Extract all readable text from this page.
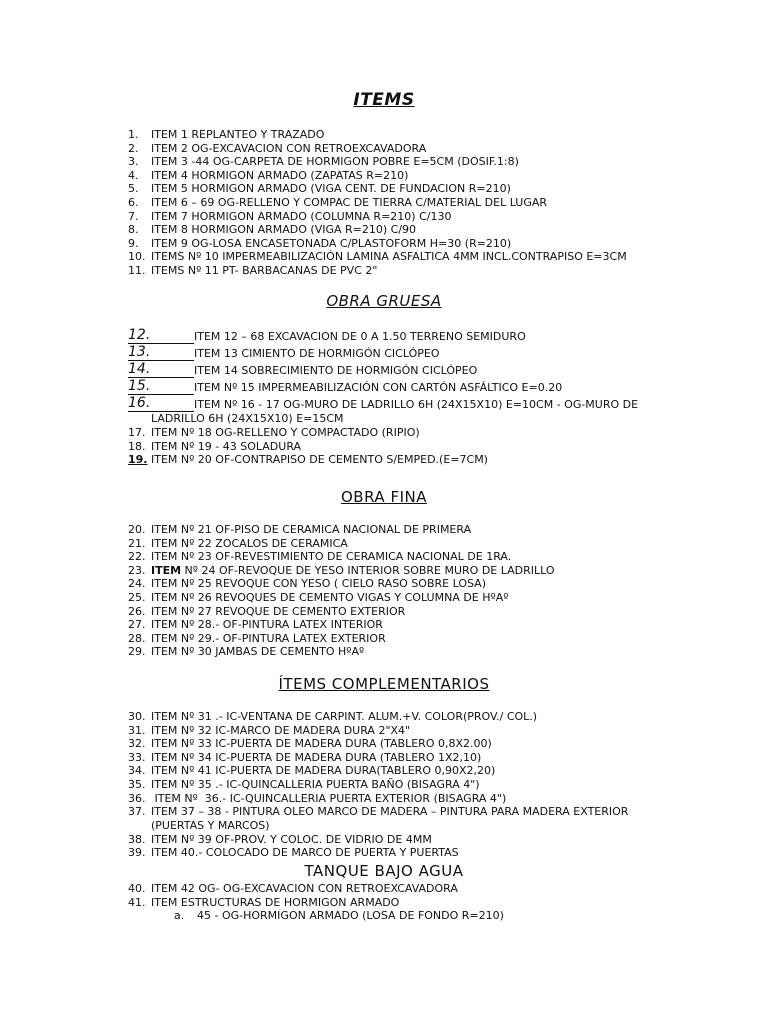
ITEMS
1.	ITEM 1 REPLANTEO Y TRAZADO
2.	ITEM 2 OG-EXCAVACION CON RETROEXCAVADORA
3.	ITEM 3 -44 OG-CARPETA DE HORMIGON POBRE E=5CM (DOSIF.1:8)
4.	ITEM 4 HORMIGON ARMADO (ZAPATAS R=210)
5.	ITEM 5 HORMIGON ARMADO (VIGA CENT. DE FUNDACION R=210)
6.	ITEM 6 – 69 OG-RELLENO Y COMPAC DE TIERRA C/MATERIAL DEL LUGAR
7.	ITEM 7 HORMIGON ARMADO (COLUMNA R=210) C/130
8.	ITEM 8 HORMIGON ARMADO (VIGA R=210) C/90
9.	ITEM 9 OG-LOSA ENCASETONADA C/PLASTOFORM H=30 (R=210)
10. ITEMS Nº 10 IMPERMEABILIZACIÓN LAMINA ASFALTICA 4MM INCL.CONTRAPISO E=3CM
11. ITEMS Nº 11 PT- BARBACANAS DE PVC 2"
OBRA GRUESA
12.	ITEM 12 – 68 EXCAVACION DE 0 A 1.50 TERRENO SEMIDURO
13.	ITEM 13 CIMIENTO DE HORMIGÓN CICLÓPEO
14.	ITEM 14 SOBRECIMIENTO DE HORMIGÓN CICLÓPEO
15.	ITEM Nº 15 IMPERMEABILIZACIÓN CON CARTÓN ASFÁLTICO E=0.20
16.	ITEM Nº 16 - 17 OG-MURO DE LADRILLO 6H (24X15X10) E=10CM - OG-MURO DE
LADRILLO 6H (24X15X10) E=15CM
17. ITEM Nº 18 OG-RELLENO Y COMPACTADO (RIPIO)
18. ITEM Nº 19 - 43 SOLADURA
19. ITEM Nº 20 OF-CONTRAPISO DE CEMENTO S/EMPED.(E=7CM)
OBRA FINA
20. ITEM Nº 21 OF-PISO DE CERAMICA NACIONAL DE PRIMERA
21. ITEM Nº 22 ZOCALOS DE CERAMICA
22. ITEM Nº 23 OF-REVESTIMIENTO DE CERAMICA NACIONAL DE 1RA.
23. ITEM Nº 24 OF-REVOQUE DE YESO INTERIOR SOBRE MURO DE LADRILLO
24. ITEM Nº 25 REVOQUE CON YESO ( CIELO RASO SOBRE LOSA)
25. ITEM Nº 26 REVOQUES DE CEMENTO VIGAS Y COLUMNA DE HºAº
26. ITEM Nº 27 REVOQUE DE CEMENTO EXTERIOR
27. ITEM Nº 28.- OF-PINTURA LATEX INTERIOR
28. ITEM Nº 29.- OF-PINTURA LATEX EXTERIOR
29. ITEM Nº 30 JAMBAS DE CEMENTO HºAº
ÍTEMS COMPLEMENTARIOS
30. ITEM Nº 31 .- IC-VENTANA DE CARPINT. ALUM.+V. COLOR(PROV./ COL.)
31. ITEM Nº 32 IC-MARCO DE MADERA DURA 2"X4"
32. ITEM Nº 33 IC-PUERTA DE MADERA DURA (TABLERO 0,8X2.00)
33. ITEM Nº 34 IC-PUERTA DE MADERA DURA (TABLERO 1X2,10)
34. ITEM Nº 41 IC-PUERTA DE MADERA DURA(TABLERO 0,90X2,20)
35. ITEM Nº 35 .- IC-QUINCALLERIA PUERTA BAÑO (BISAGRA 4")
36. ITEM Nº  36.- IC-QUINCALLERIA PUERTA EXTERIOR (BISAGRA 4")
37. ITEM 37 – 38 - PINTURA OLEO MARCO DE MADERA – PINTURA PARA MADERA EXTERIOR
(PUERTAS Y MARCOS)
38. ITEM Nº 39 OF-PROV. Y COLOC. DE VIDRIO DE 4MM
39. ITEM 40.- COLOCADO DE MARCO DE PUERTA Y PUERTAS
TANQUE BAJO AGUA
40. ITEM 42 OG- OG-EXCAVACION CON RETROEXCAVADORA
41. ITEM ESTRUCTURAS DE HORMIGON ARMADO
a.	45 - OG-HORMIGON ARMADO (LOSA DE FONDO R=210)
